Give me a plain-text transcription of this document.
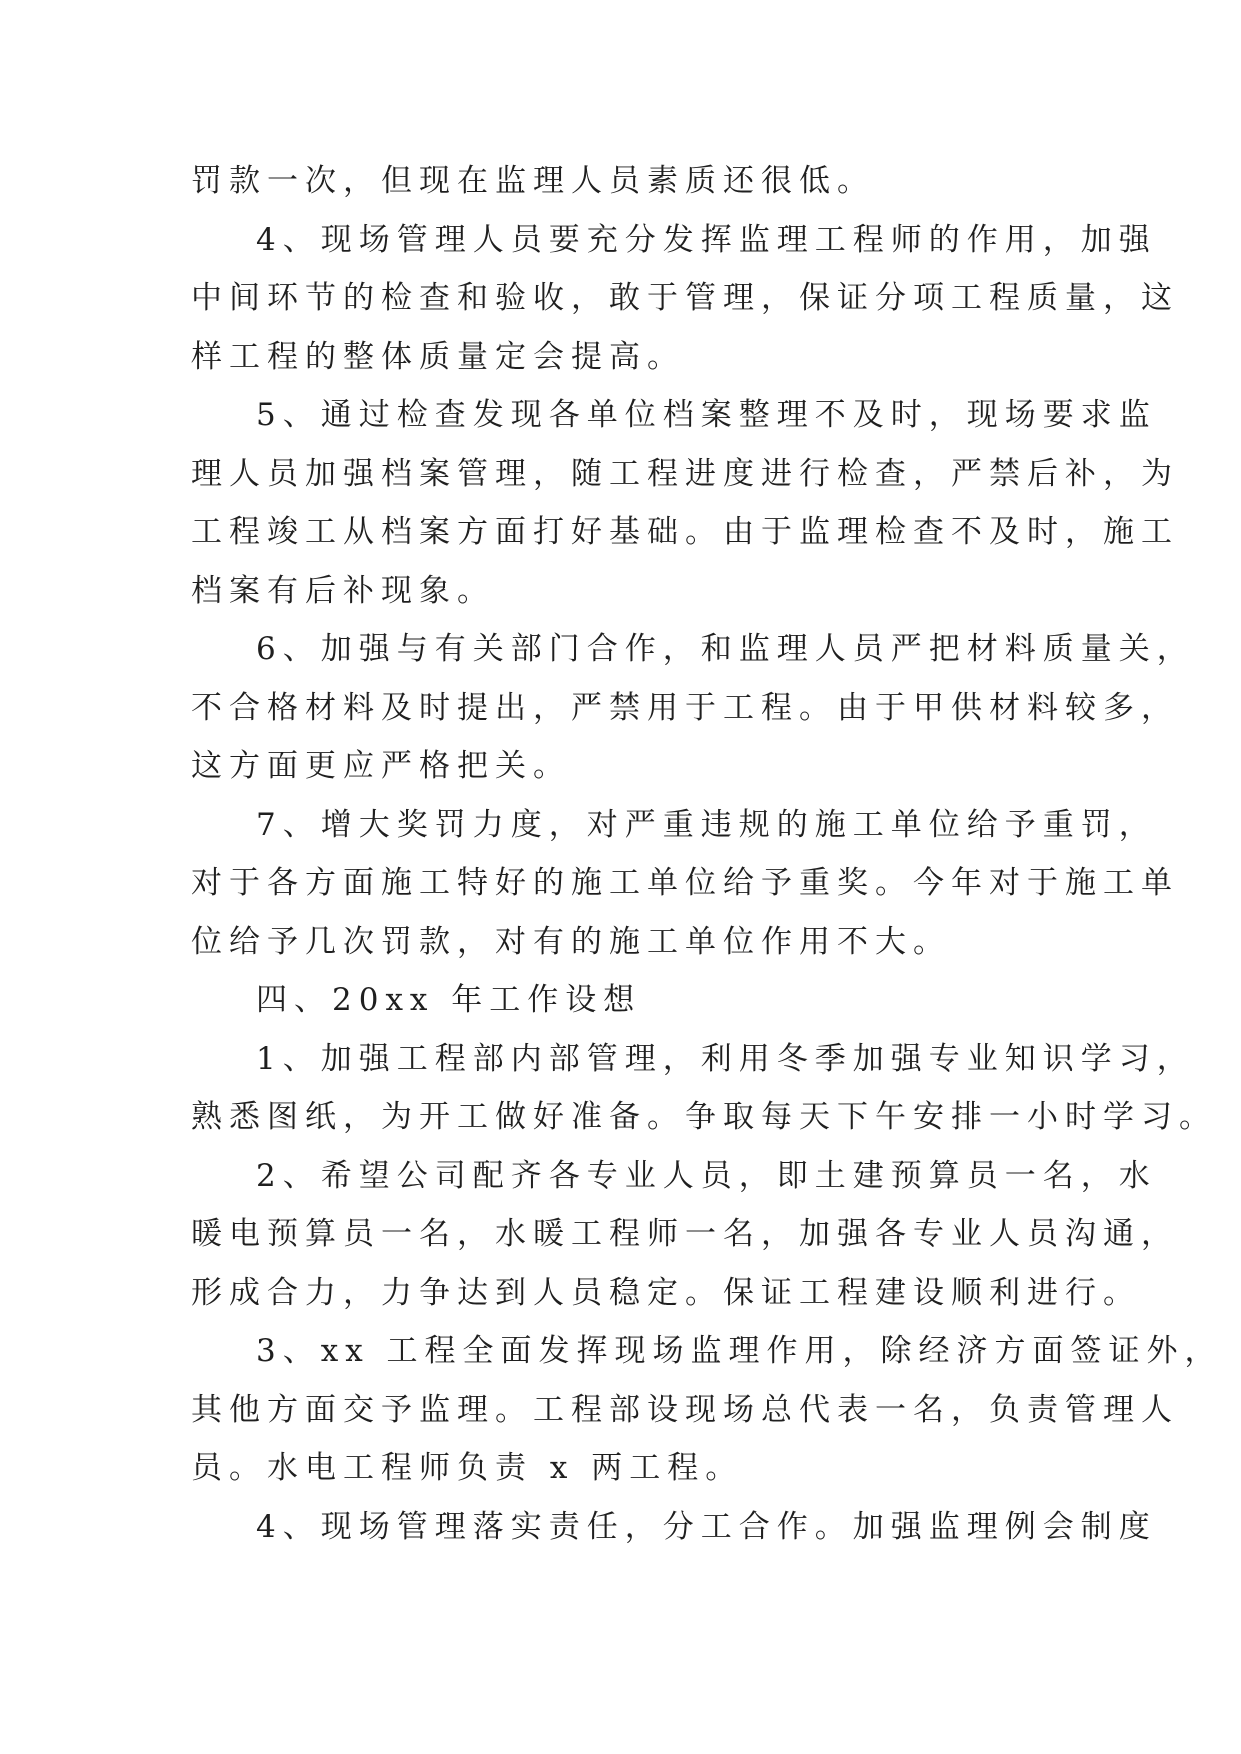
罚款一次，但现在监理人员素质还很低。
4、现场管理人员要充分发挥监理工程师的作用，加强
中间环节的检查和验收，敢于管理，保证分项工程质量，这
样工程的整体质量定会提高。
5、通过检查发现各单位档案整理不及时，现场要求监
理人员加强档案管理，随工程进度进行检查，严禁后补，为
工程竣工从档案方面打好基础。由于监理检查不及时，施工
档案有后补现象。
6、加强与有关部门合作，和监理人员严把材料质量关，
不合格材料及时提出，严禁用于工程。由于甲供材料较多，
这方面更应严格把关。
7、增大奖罚力度，对严重违规的施工单位给予重罚，
对于各方面施工特好的施工单位给予重奖。今年对于施工单
位给予几次罚款，对有的施工单位作用不大。
四、20xx 年工作设想
1、加强工程部内部管理，利用冬季加强专业知识学习，
熟悉图纸，为开工做好准备。争取每天下午安排一小时学习。
2、希望公司配齐各专业人员，即土建预算员一名，水
暖电预算员一名，水暖工程师一名，加强各专业人员沟通，
形成合力，力争达到人员稳定。保证工程建设顺利进行。
3、xx 工程全面发挥现场监理作用，除经济方面签证外，
其他方面交予监理。工程部设现场总代表一名，负责管理人
员。水电工程师负责 x 两工程。
4、现场管理落实责任，分工合作。加强监理例会制度
